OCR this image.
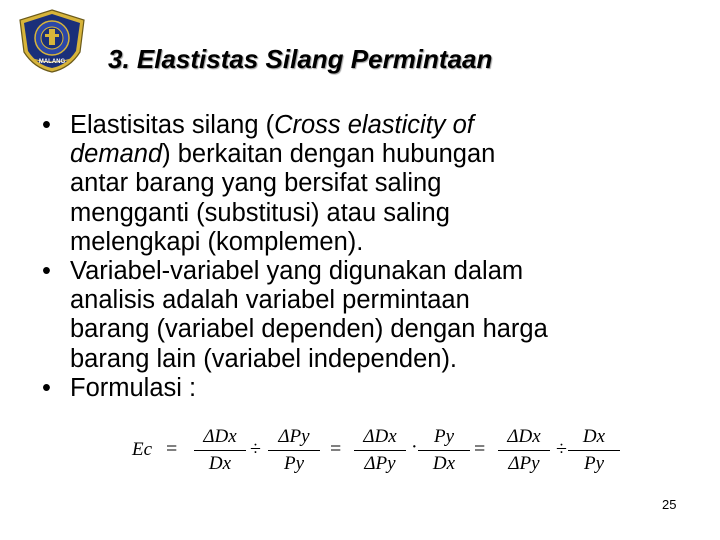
MALANG 3. Elastistas Silang Permintaan
• Elastisitas silang (Cross elasticity of
demand) berkaitan dengan hubungan
antar barang yang bersifat saling
mengganti (substitusi) atau saling
melengkapi (komplemen).
• Variabel-variabel yang digunakan dalam
analisis adalah variabel permintaan
barang (variabel dependen) dengan harga
barang lain (variabel independen).
• Formulasi :
Ec =
ΔDx
Dx
÷
ΔPy
Py
=
ΔDx
ΔPy
· Py
Dx
=
ΔDx
ΔPy
÷
Dx
Py
25
